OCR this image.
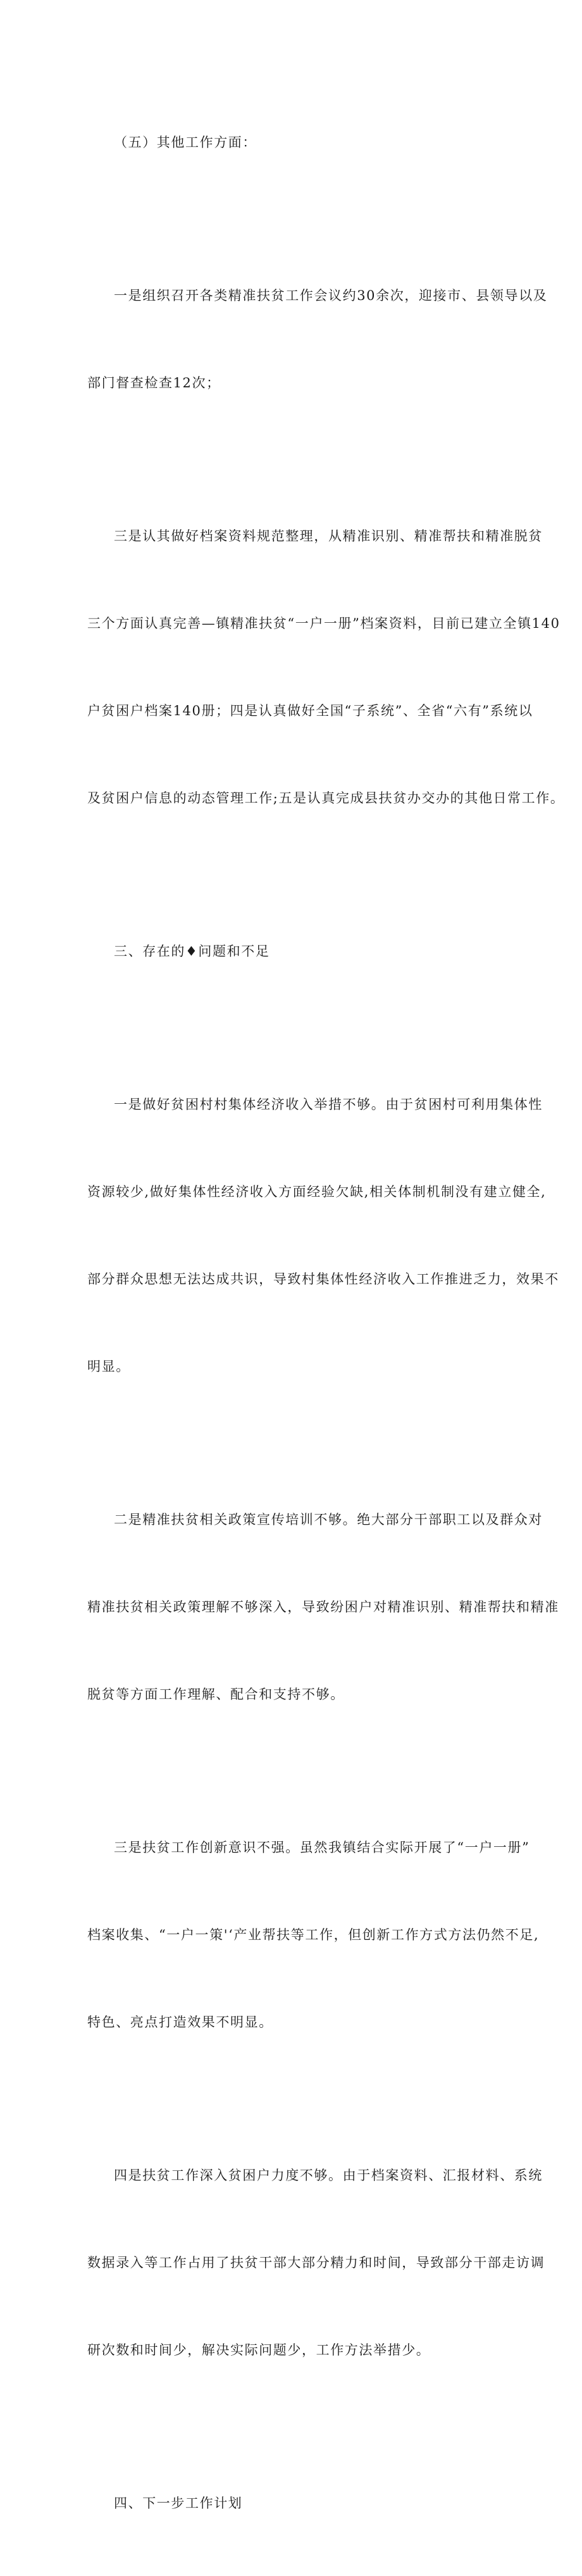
（五）其他工作方面：

一是组织召开各类精准扶贫工作会议约30余次，迎接市、县领导以及

部门督查检查12次；

三是认其做好档案资料规范整理，从精准识别、精准帮扶和精准脱贫

三个方面认真完善—镇精准扶贫“一户一册”档案资料，目前已建立全镇140

户贫困户档案140册；四是认真做好全国“子系统”、全省“六有”系统以

及贫困户信息的动态管理工作;五是认真完成县扶贫办交办的其他日常工作。

三、存在的♦问题和不足

一是做好贫困村村集体经济收入举措不够。由于贫困村可利用集体性

资源较少,做好集体性经济收入方面经验欠缺,相关体制机制没有建立健全,

部分群众思想无法达成共识，导致村集体性经济收入工作推进乏力，效果不

明显。

二是精准扶贫相关政策宣传培训不够。绝大部分干部职工以及群众对

精准扶贫相关政策理解不够深入，导致纷困户对精准识别、精准帮扶和精准

脱贫等方面工作理解、配合和支持不够。

三是扶贫工作创新意识不强。虽然我镇结合实际开展了“一户一册”

档案收集、“一户一策'‘产业帮扶等工作，但创新工作方式方法仍然不足,

特色、亮点打造效果不明显。

四是扶贫工作深入贫困户力度不够。由于档案资料、汇报材料、系统

数据录入等工作占用了扶贫干部大部分精力和时间，导致部分干部走访调

研次数和时间少，解决实际问题少，工作方法举措少。

四、下一步工作计划
